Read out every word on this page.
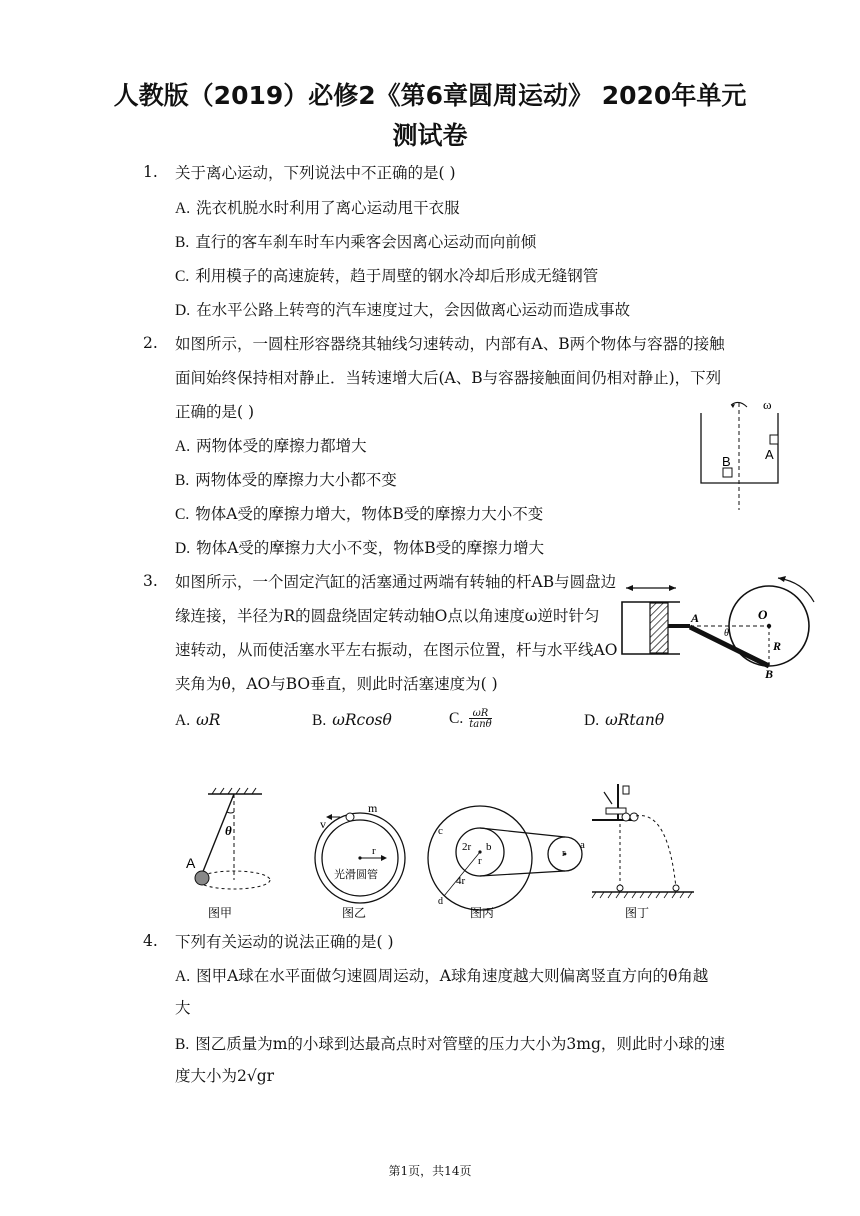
人教版（2019）必修2《第6章圆周运动》 2020年单元
测试卷
1. 关于离心运动，下列说法中不正确的是( )
A. 洗衣机脱水时利用了离心运动甩干衣服
B. 直行的客车刹车时车内乘客会因离心运动而向前倾
C. 利用模子的高速旋转，趋于周壁的钢水冷却后形成无缝钢管
D. 在水平公路上转弯的汽车速度过大，会因做离心运动而造成事故
2. 如图所示，一圆柱形容器绕其轴线匀速转动，内部有A、B两个物体与容器的接触
面间始终保持相对静止．当转速增大后(A、B与容器接触面间仍相对静止)，下列
正确的是( )
A. 两物体受的摩擦力都增大
B. 两物体受的摩擦力大小都不变
C. 物体A受的摩擦力增大，物体B受的摩擦力大小不变
D. 物体A受的摩擦力大小不变，物体B受的摩擦力增大
ω
A
B
3. 如图所示，一个固定汽缸的活塞通过两端有转轴的杆AB与圆盘边
缘连接，半径为R的圆盘绕固定转动轴O点以角速度ω逆时针匀
速转动，从而使活塞水平左右振动，在图示位置，杆与水平线AO
夹角为θ，AO与BO垂直，则此时活塞速度为( )
A. ωR	B. ωRcosθ	C. $\frac{\omega R}{\tan\theta}$	D. ωRtanθ
A	O
R
B
θ
θ
A
图甲
m
v
r
光滑圆管
图乙
c
2r b
r
4r
d
a
r
图丙	图丁
4. 下列有关运动的说法正确的是( )
A. 图甲A球在水平面做匀速圆周运动，A球角速度越大则偏离竖直方向的θ角越
大
B. 图乙质量为m的小球到达最高点时对管壁的压力大小为3mg，则此时小球的速
度大小为2√gr
第1页，共14页
